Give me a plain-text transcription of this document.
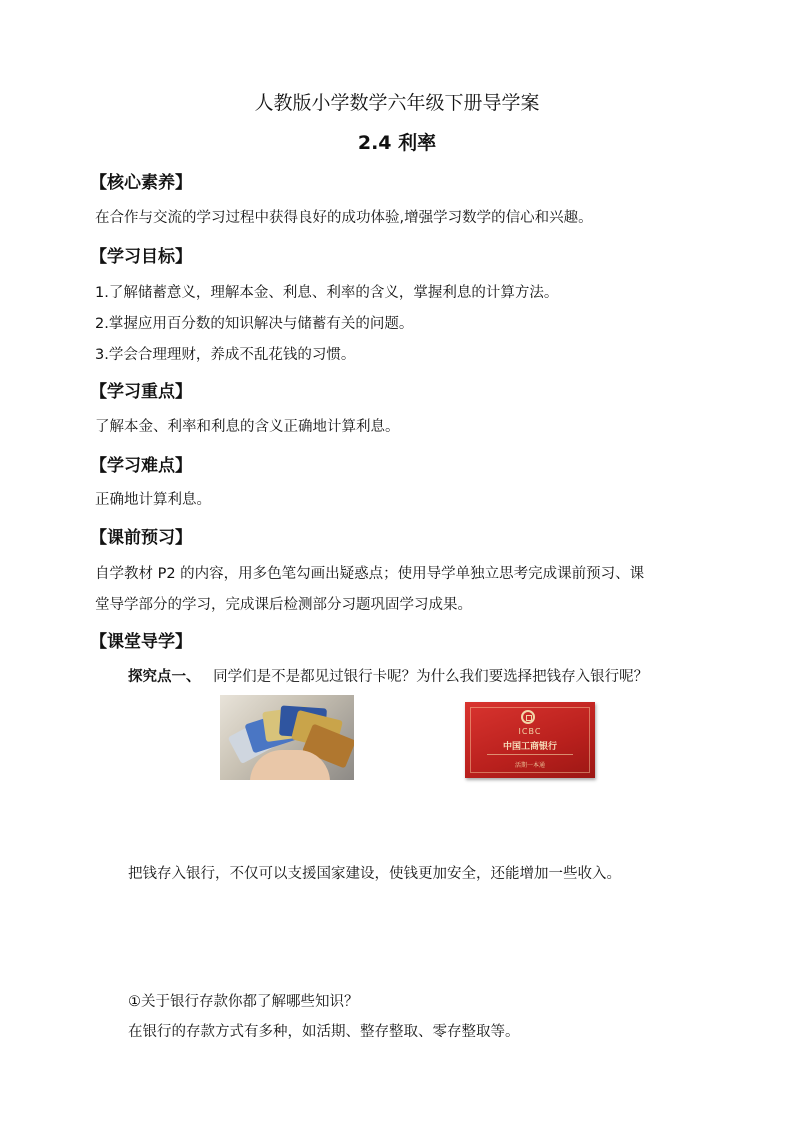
人教版小学数学六年级下册导学案
2.4 利率
【核心素养】
在合作与交流的学习过程中获得良好的成功体验,增强学习数学的信心和兴趣。
【学习目标】
1.了解储蓄意义，理解本金、利息、利率的含义，掌握利息的计算方法。
2.掌握应用百分数的知识解决与储蓄有关的问题。
3.学会合理理财，养成不乱花钱的习惯。
【学习重点】
了解本金、利率和利息的含义正确地计算利息。
【学习难点】
正确地计算利息。
【课前预习】
自学教材 P2 的内容，用多色笔勾画出疑惑点；使用导学单独立思考完成课前预习、课
堂导学部分的学习，完成课后检测部分习题巩固学习成果。
【课堂导学】
探究点一、 同学们是不是都见过银行卡呢？为什么我们要选择把钱存入银行呢？
ICBC
中国工商银行
活期一本通
把钱存入银行，不仅可以支援国家建设，使钱更加安全，还能增加一些收入。
①关于银行存款你都了解哪些知识？
在银行的存款方式有多种，如活期、整存整取、零存整取等。
